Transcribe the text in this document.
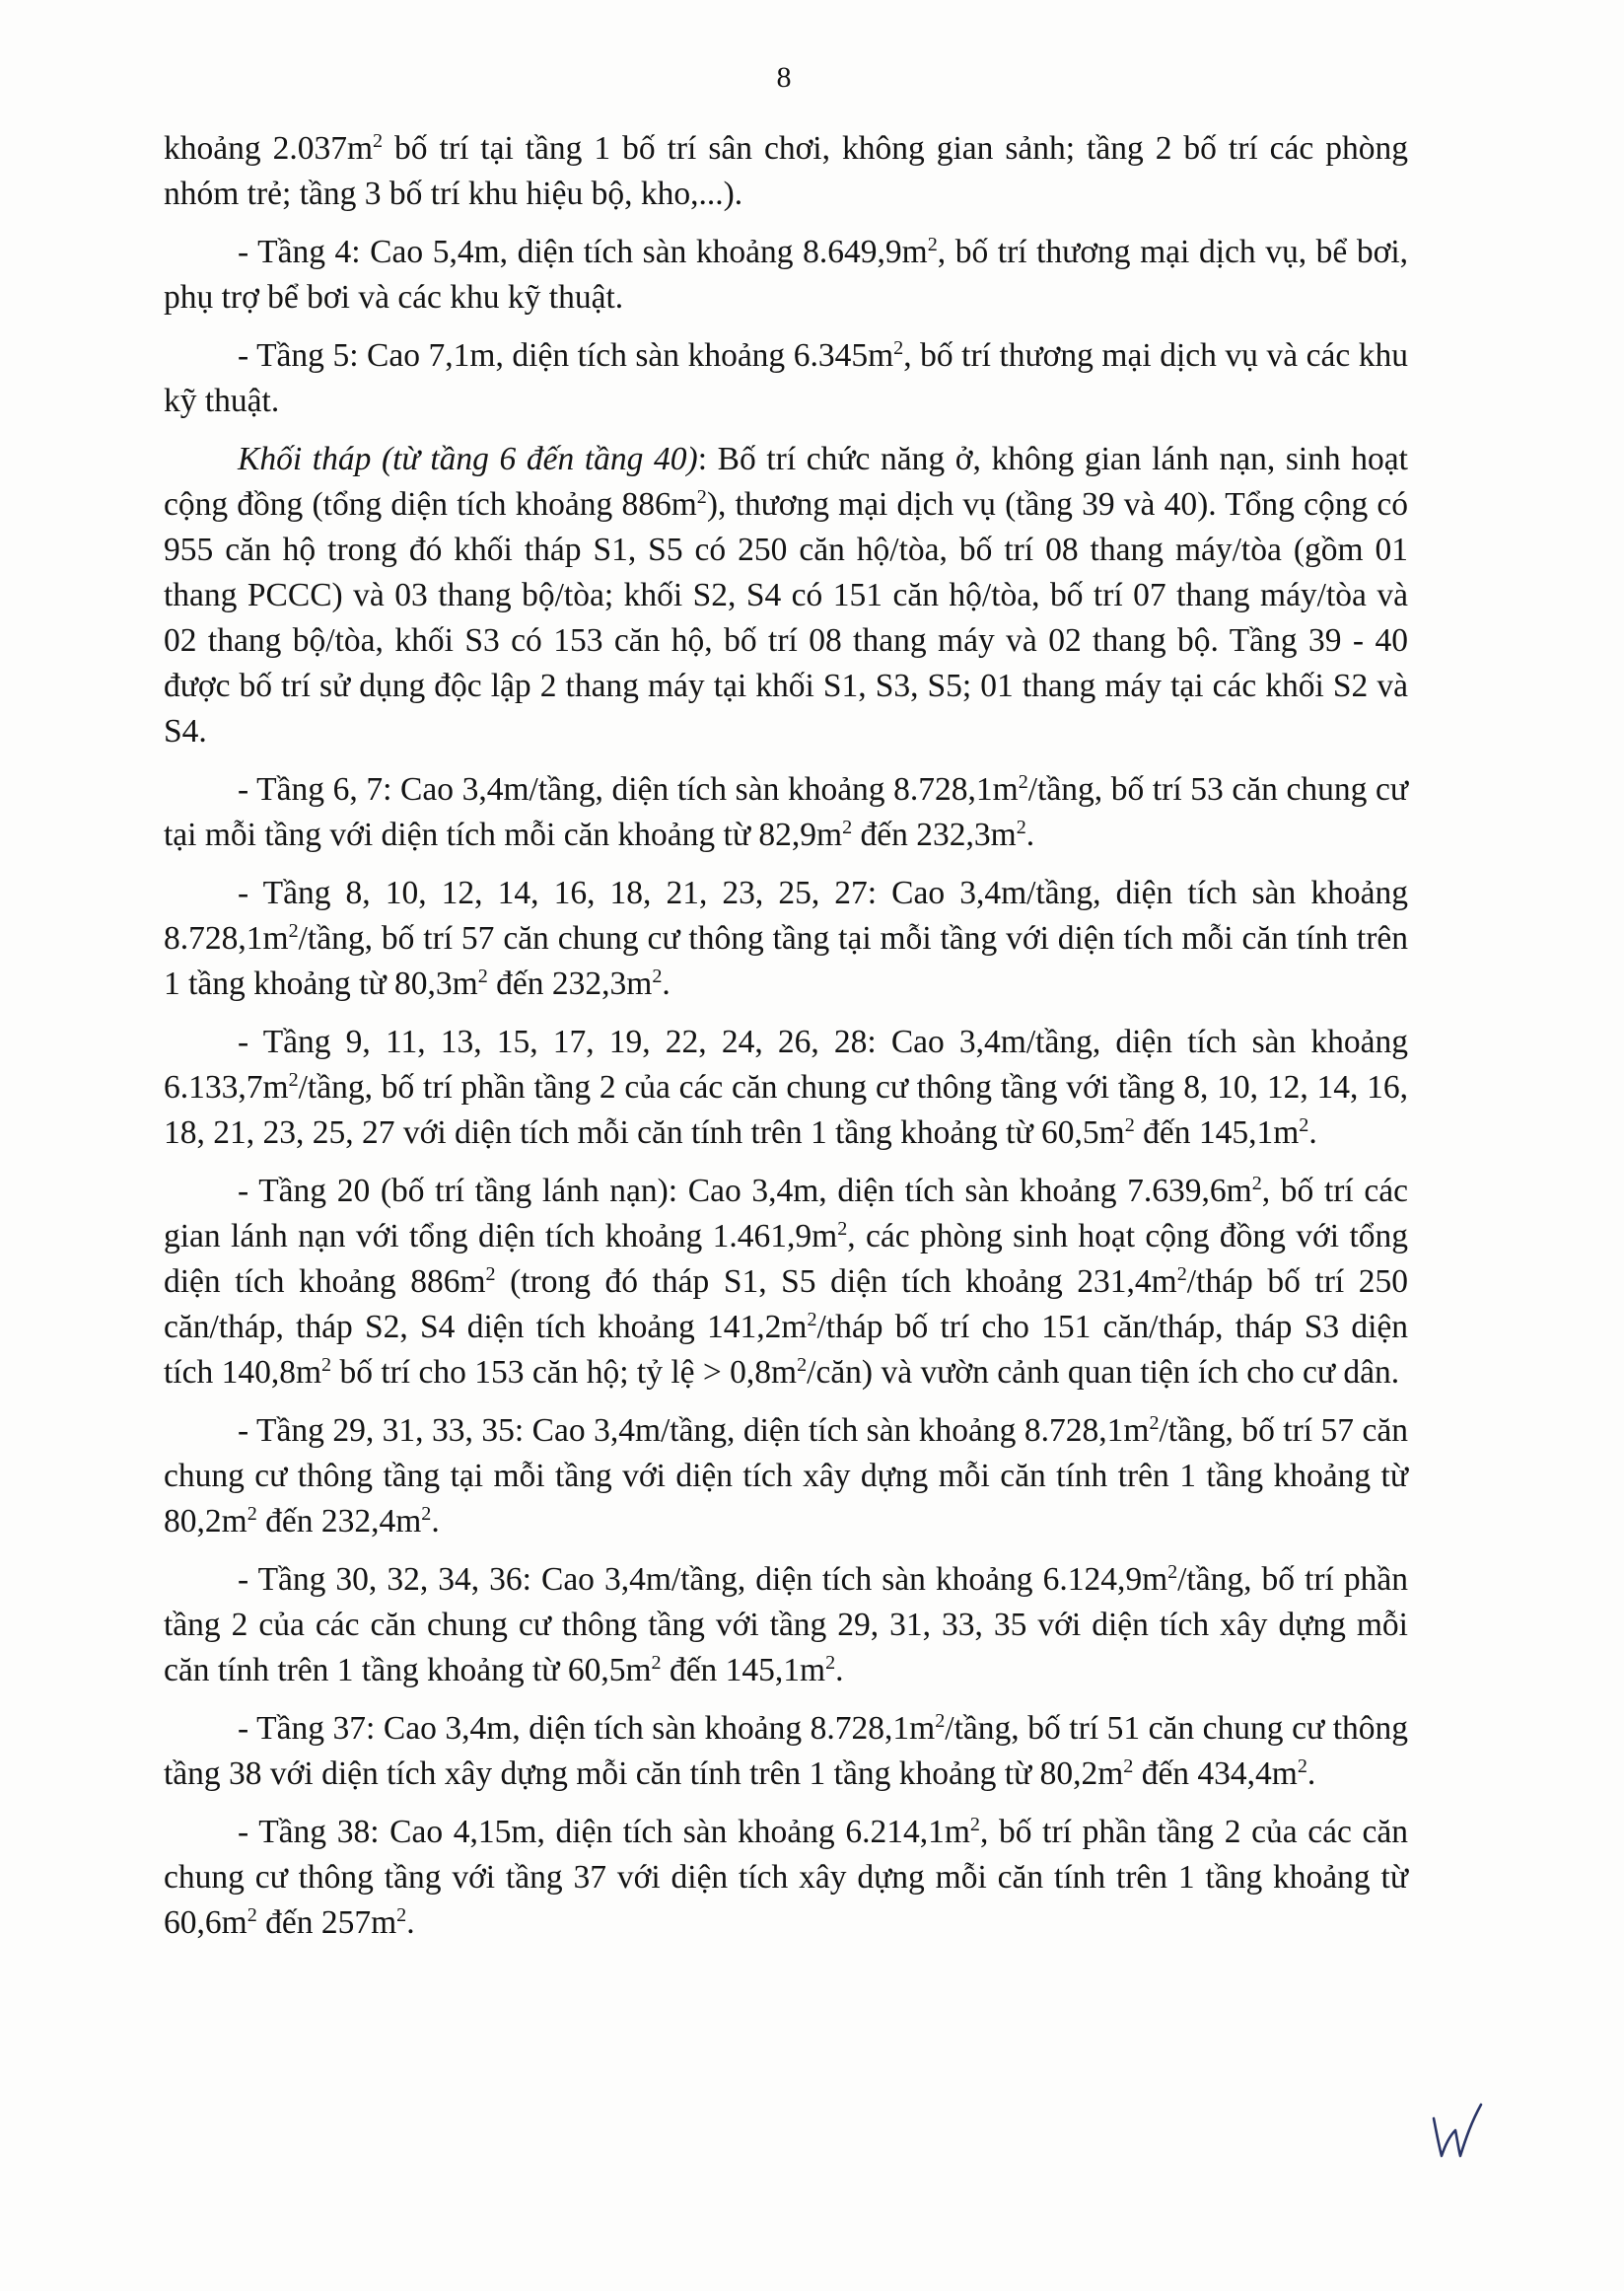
8

khoảng $2.037m^2$ bố trí tại tầng 1 bố trí sân chơi, không gian sảnh; tầng 2 bố trí các phòng nhóm trẻ; tầng 3 bố trí khu hiệu bộ, kho,...).

- Tầng 4: Cao 5,4m, diện tích sàn khoảng $8.649,9m^2$, bố trí thương mại dịch vụ, bể bơi, phụ trợ bể bơi và các khu kỹ thuật.

- Tầng 5: Cao 7,1m, diện tích sàn khoảng $6.345m^2$, bố trí thương mại dịch vụ và các khu kỹ thuật.

Khối tháp (từ tầng 6 đến tầng 40): Bố trí chức năng ở, không gian lánh nạn, sinh hoạt cộng đồng (tổng diện tích khoảng $886m^2$), thương mại dịch vụ (tầng 39 và 40). Tổng cộng có 955 căn hộ trong đó khối tháp S1, S5 có 250 căn hộ/tòa, bố trí 08 thang máy/tòa (gồm 01 thang PCCC) và 03 thang bộ/tòa; khối S2, S4 có 151 căn hộ/tòa, bố trí 07 thang máy/tòa và 02 thang bộ/tòa, khối S3 có 153 căn hộ, bố trí 08 thang máy và 02 thang bộ. Tầng 39 - 40 được bố trí sử dụng độc lập 2 thang máy tại khối S1, S3, S5; 01 thang máy tại các khối S2 và S4.

- Tầng 6, 7: Cao 3,4m/tầng, diện tích sàn khoảng $8.728,1m^2$/tầng, bố trí 53 căn chung cư tại mỗi tầng với diện tích mỗi căn khoảng từ $82,9m^2$ đến $232,3m^2$.

- Tầng 8, 10, 12, 14, 16, 18, 21, 23, 25, 27: Cao 3,4m/tầng, diện tích sàn khoảng $8.728,1m^2$/tầng, bố trí 57 căn chung cư thông tầng tại mỗi tầng với diện tích mỗi căn tính trên 1 tầng khoảng từ $80,3m^2$ đến $232,3m^2$.

- Tầng 9, 11, 13, 15, 17, 19, 22, 24, 26, 28: Cao 3,4m/tầng, diện tích sàn khoảng $6.133,7m^2$/tầng, bố trí phần tầng 2 của các căn chung cư thông tầng với tầng 8, 10, 12, 14, 16, 18, 21, 23, 25, 27 với diện tích mỗi căn tính trên 1 tầng khoảng từ $60,5m^2$ đến $145,1m^2$.

- Tầng 20 (bố trí tầng lánh nạn): Cao 3,4m, diện tích sàn khoảng $7.639,6m^2$, bố trí các gian lánh nạn với tổng diện tích khoảng $1.461,9m^2$, các phòng sinh hoạt cộng đồng với tổng diện tích khoảng $886m^2$ (trong đó tháp S1, S5 diện tích khoảng $231,4m^2$/tháp bố trí 250 căn/tháp, tháp S2, S4 diện tích khoảng $141,2m^2$/tháp bố trí cho 151 căn/tháp, tháp S3 diện tích $140,8m^2$ bố trí cho 153 căn hộ; tỷ lệ > $0,8m^2/căn$) và vườn cảnh quan tiện ích cho cư dân.

- Tầng 29, 31, 33, 35: Cao 3,4m/tầng, diện tích sàn khoảng $8.728,1m^2$/tầng, bố trí 57 căn chung cư thông tầng tại mỗi tầng với diện tích xây dựng mỗi căn tính trên 1 tầng khoảng từ $80,2m^2$ đến $232,4m^2$.

- Tầng 30, 32, 34, 36: Cao 3,4m/tầng, diện tích sàn khoảng $6.124,9m^2$/tầng, bố trí phần tầng 2 của các căn chung cư thông tầng với tầng 29, 31, 33, 35 với diện tích xây dựng mỗi căn tính trên 1 tầng khoảng từ $60,5m^2$ đến $145,1m^2$.

- Tầng 37: Cao 3,4m, diện tích sàn khoảng $8.728,1m^2$/tầng, bố trí 51 căn chung cư thông tầng 38 với diện tích xây dựng mỗi căn tính trên 1 tầng khoảng từ $80,2m^2$ đến $434,4m^2$.

- Tầng 38: Cao 4,15m, diện tích sàn khoảng $6.214,1m^2$, bố trí phần tầng 2 của các căn chung cư thông tầng với tầng 37 với diện tích xây dựng mỗi căn tính trên 1 tầng khoảng từ $60,6m^2$ đến $257m^2$.
